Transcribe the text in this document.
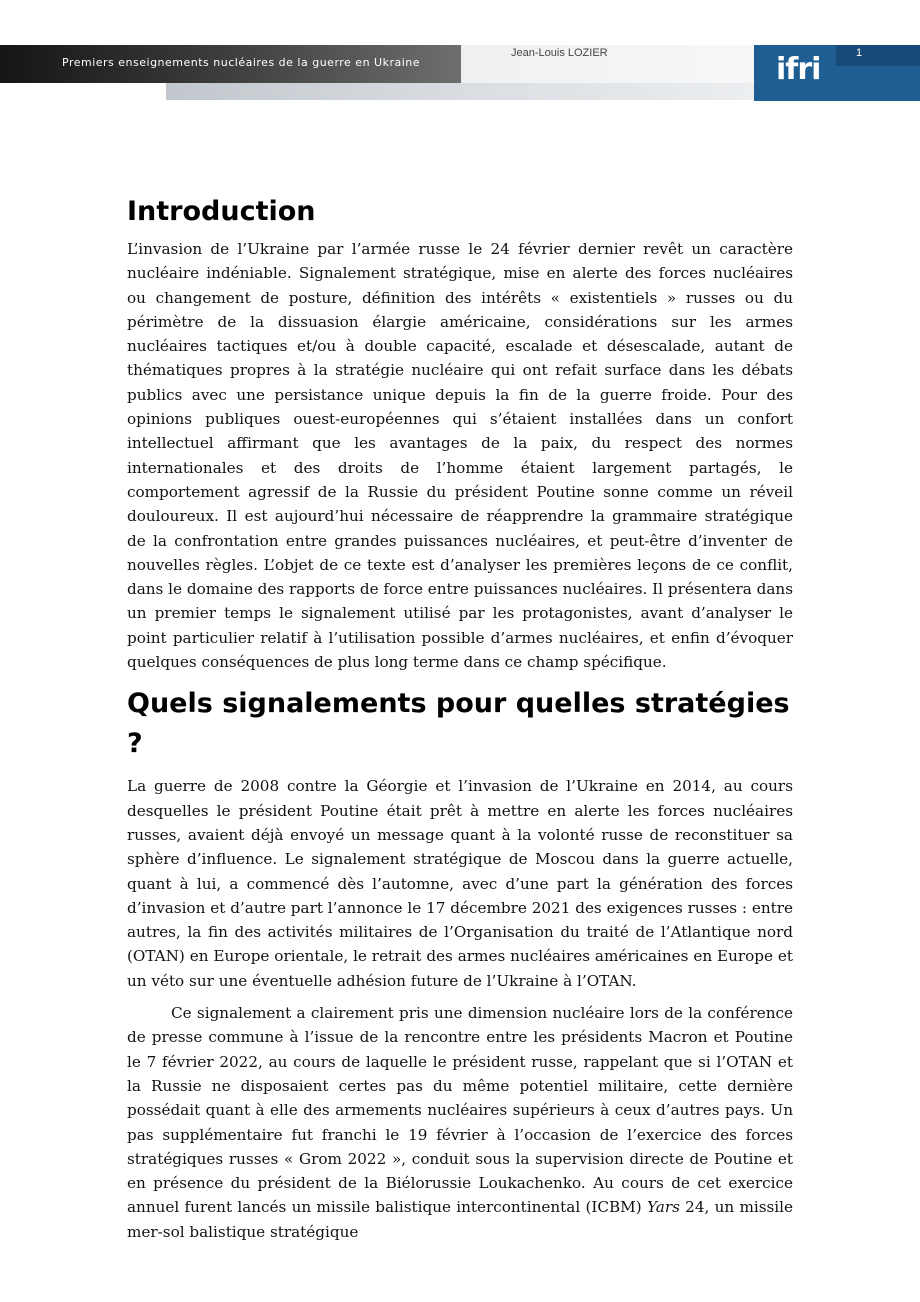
Premiers enseignements nucléaires de la guerre en Ukraine
Jean-Louis LOZIER	ifri	1
Introduction

L’invasion de l’Ukraine par l’armée russe le 24 février dernier revêt un caractère nucléaire indéniable. Signalement stratégique, mise en alerte des forces nucléaires ou changement de posture, définition des intérêts « existentiels » russes ou du périmètre de la dissuasion élargie américaine, considérations sur les armes nucléaires tactiques et/ou à double capacité, escalade et désescalade, autant de thématiques propres à la stratégie nucléaire qui ont refait surface dans les débats publics avec une persistance unique depuis la fin de la guerre froide. Pour des opinions publiques ouest-européennes qui s’étaient installées dans un confort intellectuel affirmant que les avantages de la paix, du respect des normes internationales et des droits de l’homme étaient largement partagés, le comportement agressif de la Russie du président Poutine sonne comme un réveil douloureux. Il est aujourd’hui nécessaire de réapprendre la grammaire stratégique de la confrontation entre grandes puissances nucléaires, et peut-être d’inventer de nouvelles règles. L’objet de ce texte est d’analyser les premières leçons de ce conflit, dans le domaine des rapports de force entre puissances nucléaires. Il présentera dans un premier temps le signalement utilisé par les protagonistes, avant d’analyser le point particulier relatif à l’utilisation possible d’armes nucléaires, et enfin d’évoquer quelques conséquences de plus long terme dans ce champ spécifique.

Quels signalements pour quelles stratégies ?

La guerre de 2008 contre la Géorgie et l’invasion de l’Ukraine en 2014, au cours desquelles le président Poutine était prêt à mettre en alerte les forces nucléaires russes, avaient déjà envoyé un message quant à la volonté russe de reconstituer sa sphère d’influence. Le signalement stratégique de Moscou dans la guerre actuelle, quant à lui, a commencé dès l’automne, avec d’une part la génération des forces d’invasion et d’autre part l’annonce le 17 décembre 2021 des exigences russes : entre autres, la fin des activités militaires de l’Organisation du traité de l’Atlantique nord (OTAN) en Europe orientale, le retrait des armes nucléaires américaines en Europe et un véto sur une éventuelle adhésion future de l’Ukraine à l’OTAN.

Ce signalement a clairement pris une dimension nucléaire lors de la conférence de presse commune à l’issue de la rencontre entre les présidents Macron et Poutine le 7 février 2022, au cours de laquelle le président russe, rappelant que si l’OTAN et la Russie ne disposaient certes pas du même potentiel militaire, cette dernière possédait quant à elle des armements nucléaires supérieurs à ceux d’autres pays. Un pas supplémentaire fut franchi le 19 février à l’occasion de l’exercice des forces stratégiques russes « Grom 2022 », conduit sous la supervision directe de Poutine et en présence du président de la Biélorussie Loukachenko. Au cours de cet exercice annuel furent lancés un missile balistique intercontinental (ICBM) Yars 24, un missile mer-sol balistique stratégique
